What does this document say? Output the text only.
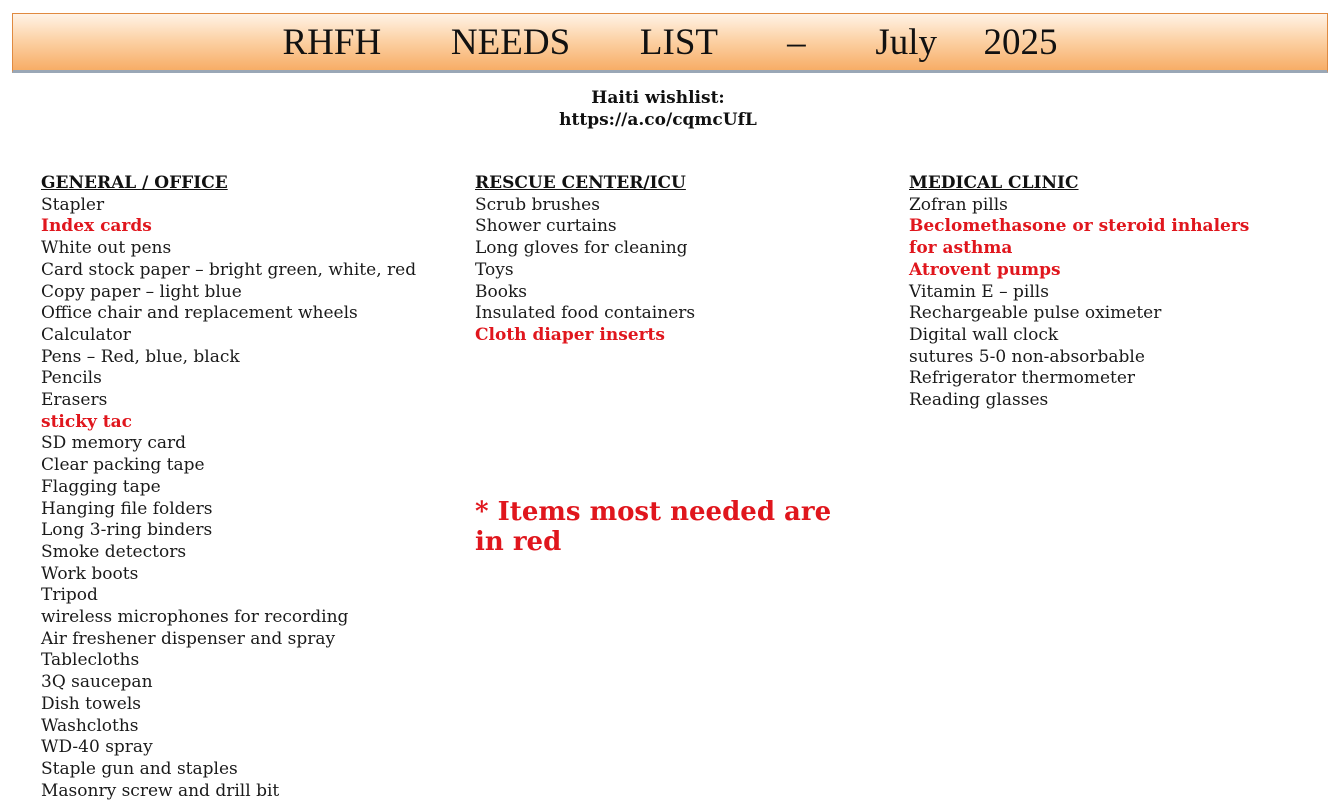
RHFH   NEEDS   LIST   –   July  2025
Haiti wishlist:
https://a.co/cqmcUfL
GENERAL / OFFICE
Stapler
Index cards
White out pens
Card stock paper – bright green, white, red
Copy paper – light blue
Office chair and replacement wheels
Calculator
Pens – Red, blue, black
Pencils
Erasers
sticky tac
SD memory card
Clear packing tape
Flagging tape
Hanging file folders
Long 3-ring binders
Smoke detectors
Work boots
Tripod
wireless microphones for recording
Air freshener dispenser and spray
Tablecloths
3Q saucepan
Dish towels
Washcloths
WD-40 spray
Staple gun and staples
Masonry screw and drill bit
RESCUE CENTER/ICU
Scrub brushes
Shower curtains
Long gloves for cleaning
Toys
Books
Insulated food containers
Cloth diaper inserts
MEDICAL CLINIC
Zofran pills
Beclomethasone or steroid inhalers for asthma
Atrovent pumps
Vitamin E – pills
Rechargeable pulse oximeter
Digital wall clock
sutures 5-0 non-absorbable
Refrigerator thermometer
Reading glasses
* Items most needed are in red
